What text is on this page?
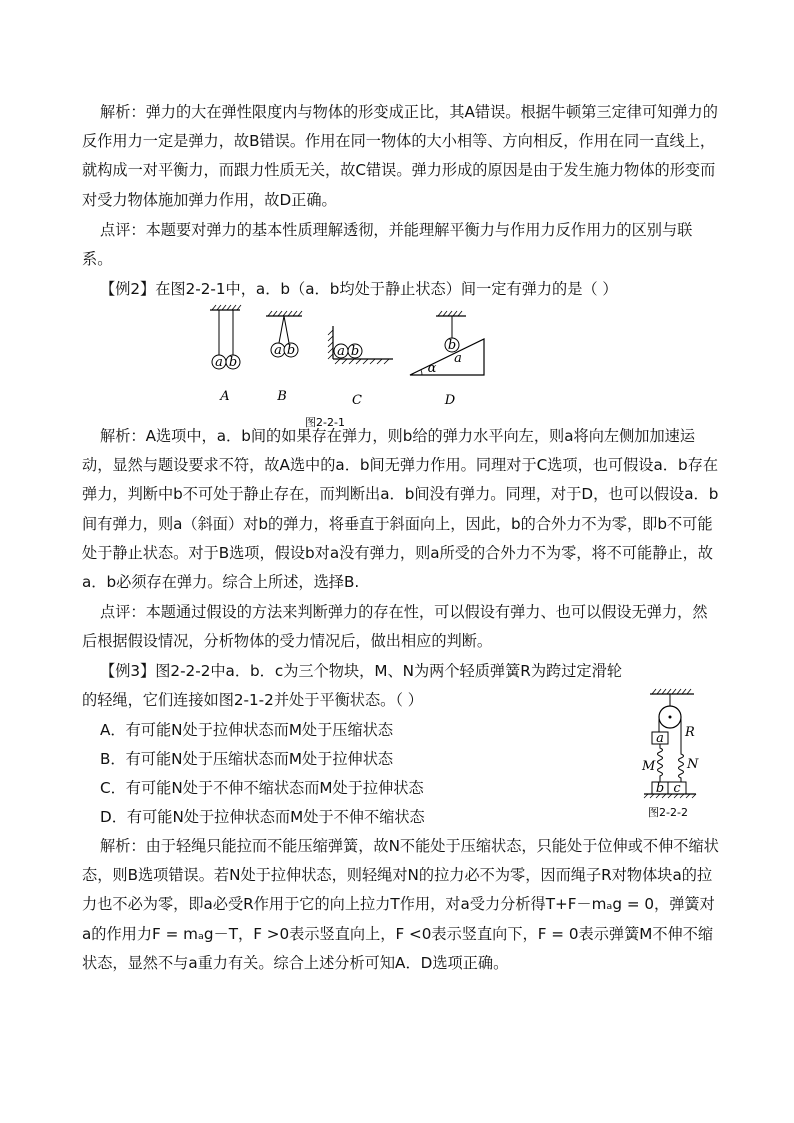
解析：弹力的大在弹性限度内与物体的形变成正比，其A错误。根据牛顿第三定律可知弹力的反作用力一定是弹力，故B错误。作用在同一物体的大小相等、方向相反，作用在同一直线上，就构成一对平衡力，而跟力性质无关，故C错误。弹力形成的原因是由于发生施力物体的形变而对受力物体施加弹力作用，故D正确。

点评：本题要对弹力的基本性质理解透彻，并能理解平衡力与作用力反作用力的区别与联系。

【例2】在图2-2-1中，a．b（a．b均处于静止状态）间一定有弹力的是（ ）

a b
A
a b
B
a b
C
b
a
α
D
图2-2-1

解析：A选项中，a．b间的如果存在弹力，则b给的弹力水平向左，则a将向左侧加加速运动，显然与题设要求不符，故A选中的a．b间无弹力作用。同理对于C选项，也可假设a．b存在弹力，判断中b不可处于静止存在，而判断出a．b间没有弹力。同理，对于D，也可以假设a．b间有弹力，则a（斜面）对b的弹力，将垂直于斜面向上，因此，b的合外力不为零，即b不可能处于静止状态。对于B选项，假设b对a没有弹力，则a所受的合外力不为零，将不可能静止，故a．b必须存在弹力。综合上所述，选择B.

点评：本题通过假设的方法来判断弹力的存在性，可以假设有弹力、也可以假设无弹力，然后根据假设情况，分析物体的受力情况后，做出相应的判断。

【例3】图2-2-2中a．b．c为三个物块，M、N为两个轻质弹簧R为跨过定滑轮的轻绳，它们连接如图2-1-2并处于平衡状态。（ ）

A．有可能N处于拉伸状态而M处于压缩状态

B．有可能N处于压缩状态而M处于拉伸状态

C．有可能N处于不伸不缩状态而M处于拉伸状态

D．有可能N处于拉伸状态而M处于不伸不缩状态

R
a
M N
b c
图2-2-2

解析：由于轻绳只能拉而不能压缩弹簧，故N不能处于压缩状态，只能处于位伸或不伸不缩状态，则B选项错误。若N处于拉伸状态，则轻绳对N的拉力必不为零，因而绳子R对物体块a的拉力也不必为零，即a必受R作用于它的向上拉力T作用，对a受力分析得T+F－mₐg = 0，弹簧对a的作用力F = mₐg－T，F >0表示竖直向上，F <0表示竖直向下，F = 0表示弹簧M不伸不缩状态，显然不与a重力有关。综合上述分析可知A．D选项正确。
